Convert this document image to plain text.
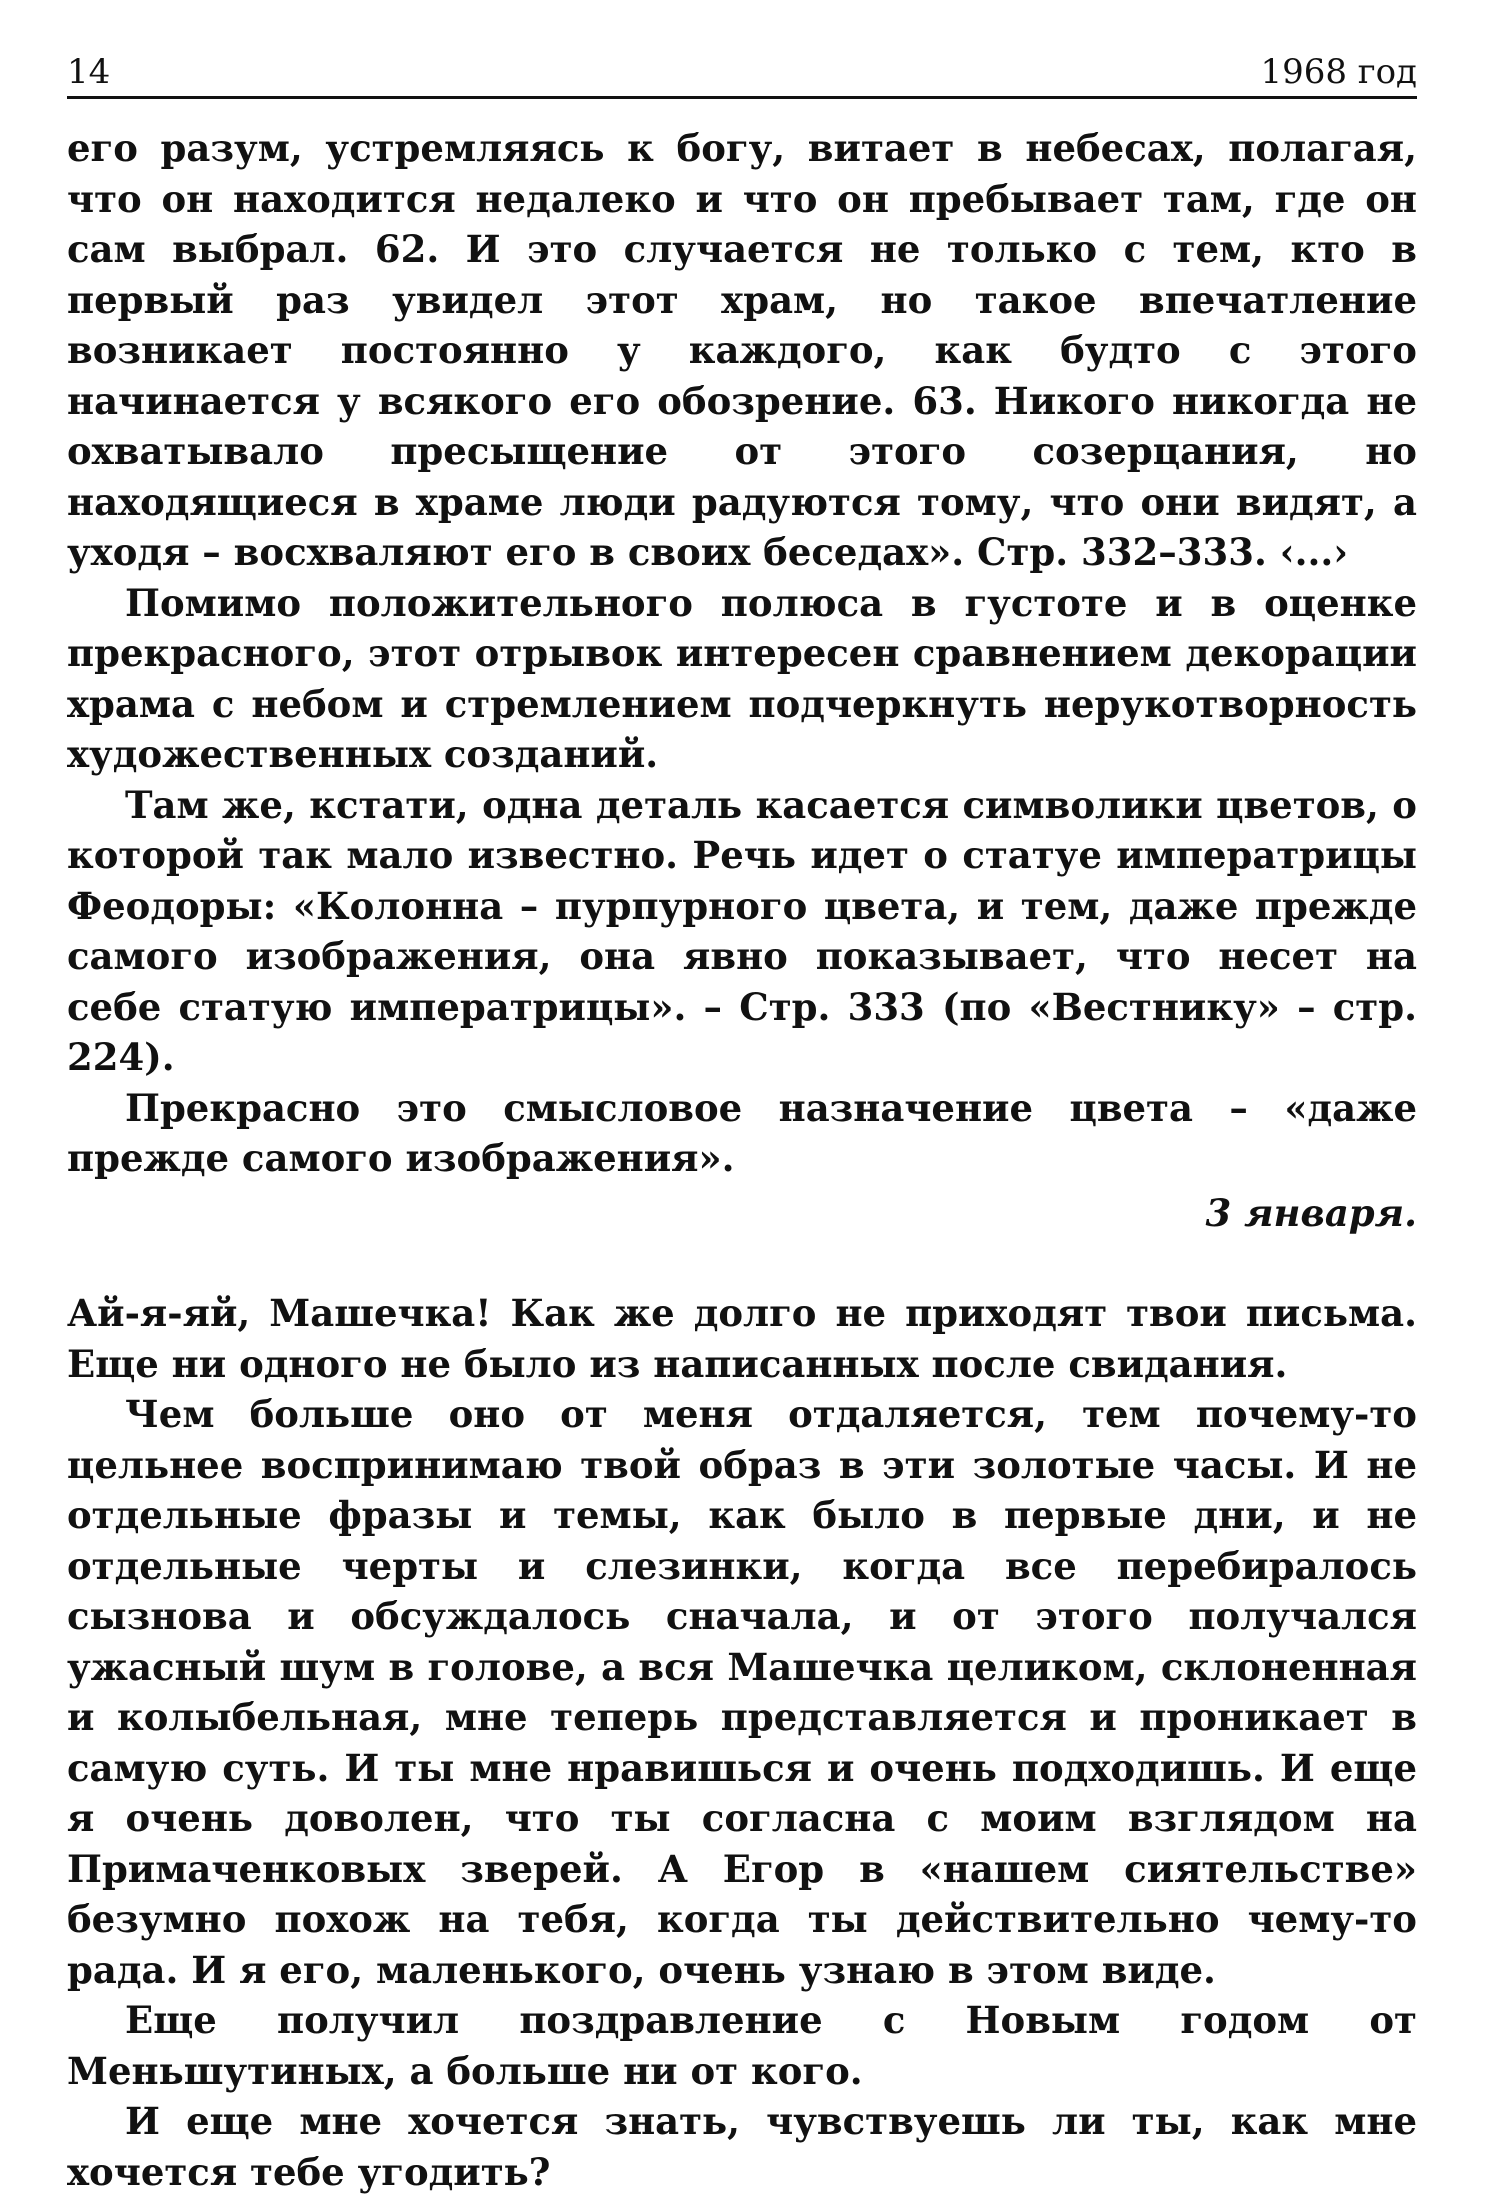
14	1968 год

его разум, устремляясь к богу, витает в небесах, полагая, что он находится недалеко и что он пребывает там, где он сам выбрал. 62. И это случается не только с тем, кто в первый раз увидел этот храм, но такое впечатление возникает постоянно у каждого, как будто с этого начинается у всякого его обозрение. 63. Никого никогда не охватывало пресыщение от этого созерцания, но находящиеся в храме люди радуются тому, что они видят, а уходя – восхваляют его в своих беседах». Стр. 332–333. ‹...›

Помимо положительного полюса в густоте и в оценке прекрасного, этот отрывок интересен сравнением декорации храма с небом и стремлением подчеркнуть нерукотворность художественных созданий.

Там же, кстати, одна деталь касается символики цветов, о которой так мало известно. Речь идет о статуе императрицы Феодоры: «Колонна – пурпурного цвета, и тем, даже прежде самого изображения, она явно показывает, что несет на себе статую императрицы». – Стр. 333 (по «Вестнику» – стр. 224).

Прекрасно это смысловое назначение цвета – «даже прежде самого изображения».

3 января.

Ай-я-яй, Машечка! Как же долго не приходят твои письма. Еще ни одного не было из написанных после свидания.

Чем больше оно от меня отдаляется, тем почему-то цельнее воспринимаю твой образ в эти золотые часы. И не отдельные фразы и темы, как было в первые дни, и не отдельные черты и слезинки, когда все перебиралось сызнова и обсуждалось сначала, и от этого получался ужасный шум в голове, а вся Машечка целиком, склоненная и колыбельная, мне теперь представляется и проникает в самую суть. И ты мне нравишься и очень подходишь. И еще я очень доволен, что ты согласна с моим взглядом на Примаченковых зверей. А Егор в «нашем сиятельстве» безумно похож на тебя, когда ты действительно чему-то рада. И я его, маленького, очень узнаю в этом виде.

Еще получил поздравление с Новым годом от Меньшутиных, а больше ни от кого.

И еще мне хочется знать, чувствуешь ли ты, как мне хочется тебе угодить?
